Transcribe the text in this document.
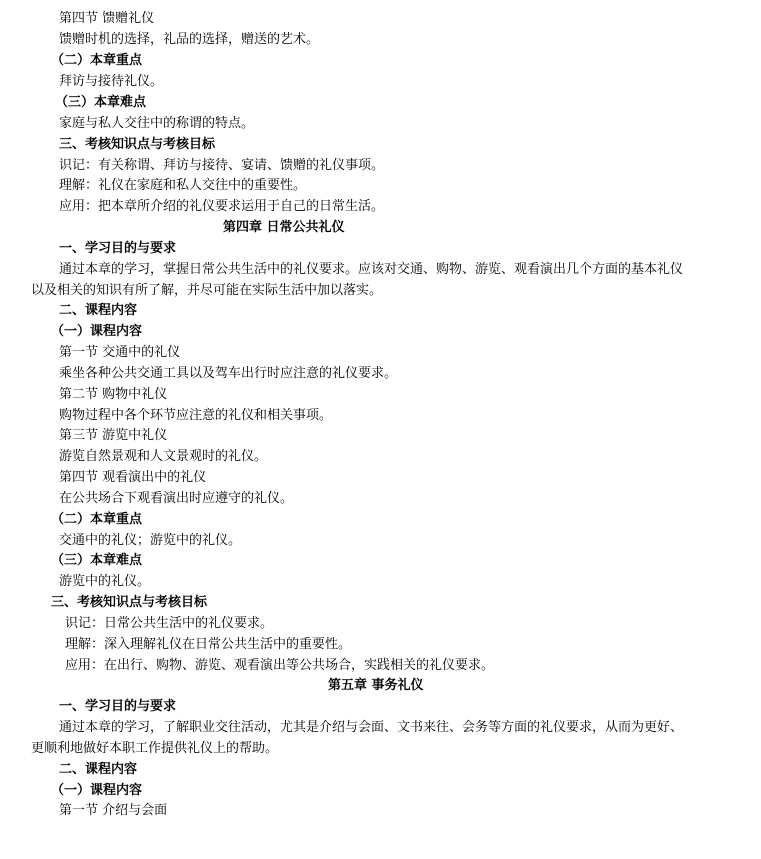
第四节 馈赠礼仪
馈赠时机的选择，礼品的选择，赠送的艺术。
（二）本章重点
拜访与接待礼仪。
（三）本章难点
家庭与私人交往中的称谓的特点。
三、考核知识点与考核目标
识记：有关称谓、拜访与接待、宴请、馈赠的礼仪事项。
理解：礼仪在家庭和私人交往中的重要性。
应用：把本章所介绍的礼仪要求运用于自己的日常生活。
第四章 日常公共礼仪
一、学习目的与要求
通过本章的学习，掌握日常公共生活中的礼仪要求。应该对交通、购物、游览、观看演出几个方面的基本礼仪
以及相关的知识有所了解，并尽可能在实际生活中加以落实。
二、课程内容
（一）课程内容
第一节 交通中的礼仪
乘坐各种公共交通工具以及驾车出行时应注意的礼仪要求。
第二节 购物中礼仪
购物过程中各个环节应注意的礼仪和相关事项。
第三节 游览中礼仪
游览自然景观和人文景观时的礼仪。
第四节 观看演出中的礼仪
在公共场合下观看演出时应遵守的礼仪。
（二）本章重点
交通中的礼仪；游览中的礼仪。
（三）本章难点
游览中的礼仪。
三、考核知识点与考核目标
识记：日常公共生活中的礼仪要求。
理解：深入理解礼仪在日常公共生活中的重要性。
应用：在出行、购物、游览、观看演出等公共场合，实践相关的礼仪要求。
第五章 事务礼仪
一、学习目的与要求
通过本章的学习，了解职业交往活动，尤其是介绍与会面、文书来往、会务等方面的礼仪要求，从而为更好、
更顺利地做好本职工作提供礼仪上的帮助。
二、课程内容
（一）课程内容
第一节 介绍与会面
